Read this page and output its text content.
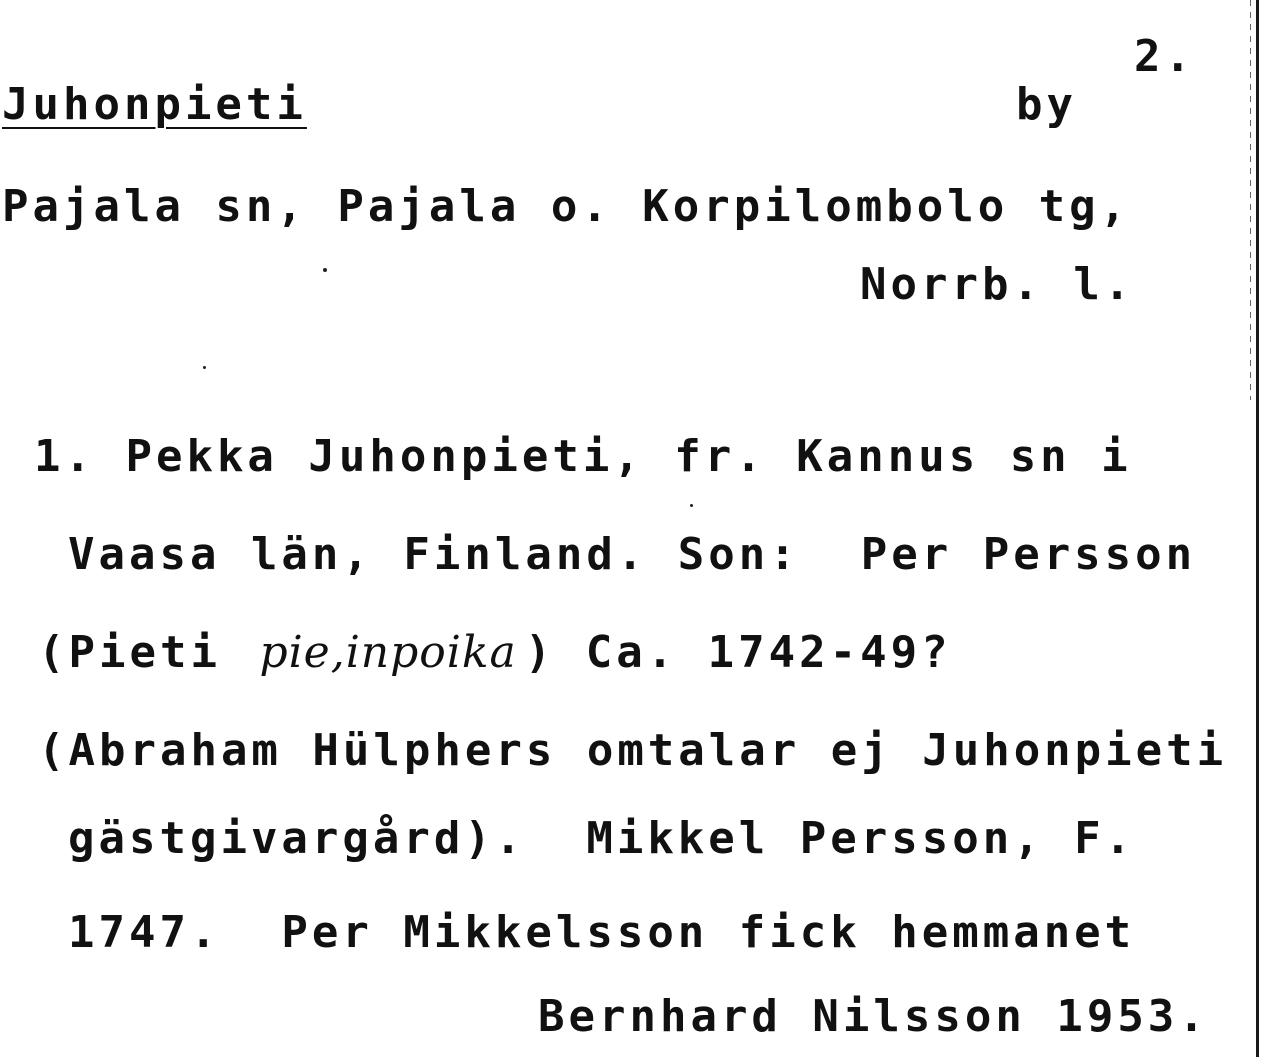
2.
Juhonpieti	by
Pajala sn, Pajala o. Korpilombolo tg,
Norrb. l.
1. Pekka Juhonpieti, fr. Kannus sn i
Vaasa län, Finland. Son:  Per Persson
(Pieti pie,inpoika ) Ca. 1742-49?
(Abraham Hülphers omtalar ej Juhonpieti
gästgivargård).  Mikkel Persson, F.
1747.  Per Mikkelsson fick hemmanet
Bernhard Nilsson 1953.
